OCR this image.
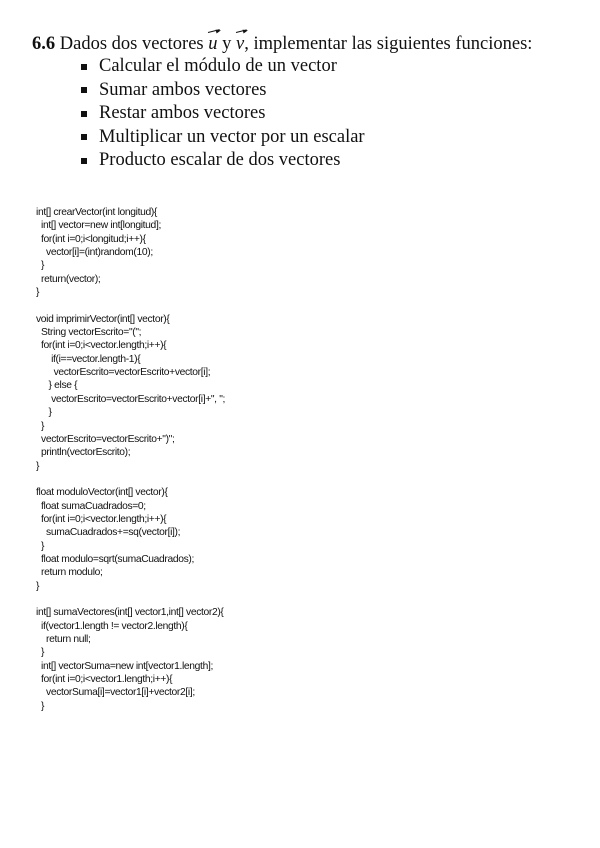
6.6 Dados dos vectores u y v, implementar las siguientes funciones:
Calcular el módulo de un vector
Sumar ambos vectores
Restar ambos vectores
Multiplicar un vector por un escalar
Producto escalar de dos vectores
int[] crearVector(int longitud){
int[] vector=new int[longitud];
for(int i=0;i<longitud;i++){
vector[i]=(int)random(10);
}
return(vector);
}
void imprimirVector(int[] vector){
String vectorEscrito="(";
for(int i=0;i<vector.length;i++){
if(i==vector.length-1){
vectorEscrito=vectorEscrito+vector[i];
} else {
vectorEscrito=vectorEscrito+vector[i]+", ";
}
}
vectorEscrito=vectorEscrito+")";
println(vectorEscrito);
}
float moduloVector(int[] vector){
float sumaCuadrados=0;
for(int i=0;i<vector.length;i++){
sumaCuadrados+=sq(vector[i]);
}
float modulo=sqrt(sumaCuadrados);
return modulo;
}
int[] sumaVectores(int[] vector1,int[] vector2){
if(vector1.length != vector2.length){
return null;
}
int[] vectorSuma=new int[vector1.length];
for(int i=0;i<vector1.length;i++){
vectorSuma[i]=vector1[i]+vector2[i];
}
